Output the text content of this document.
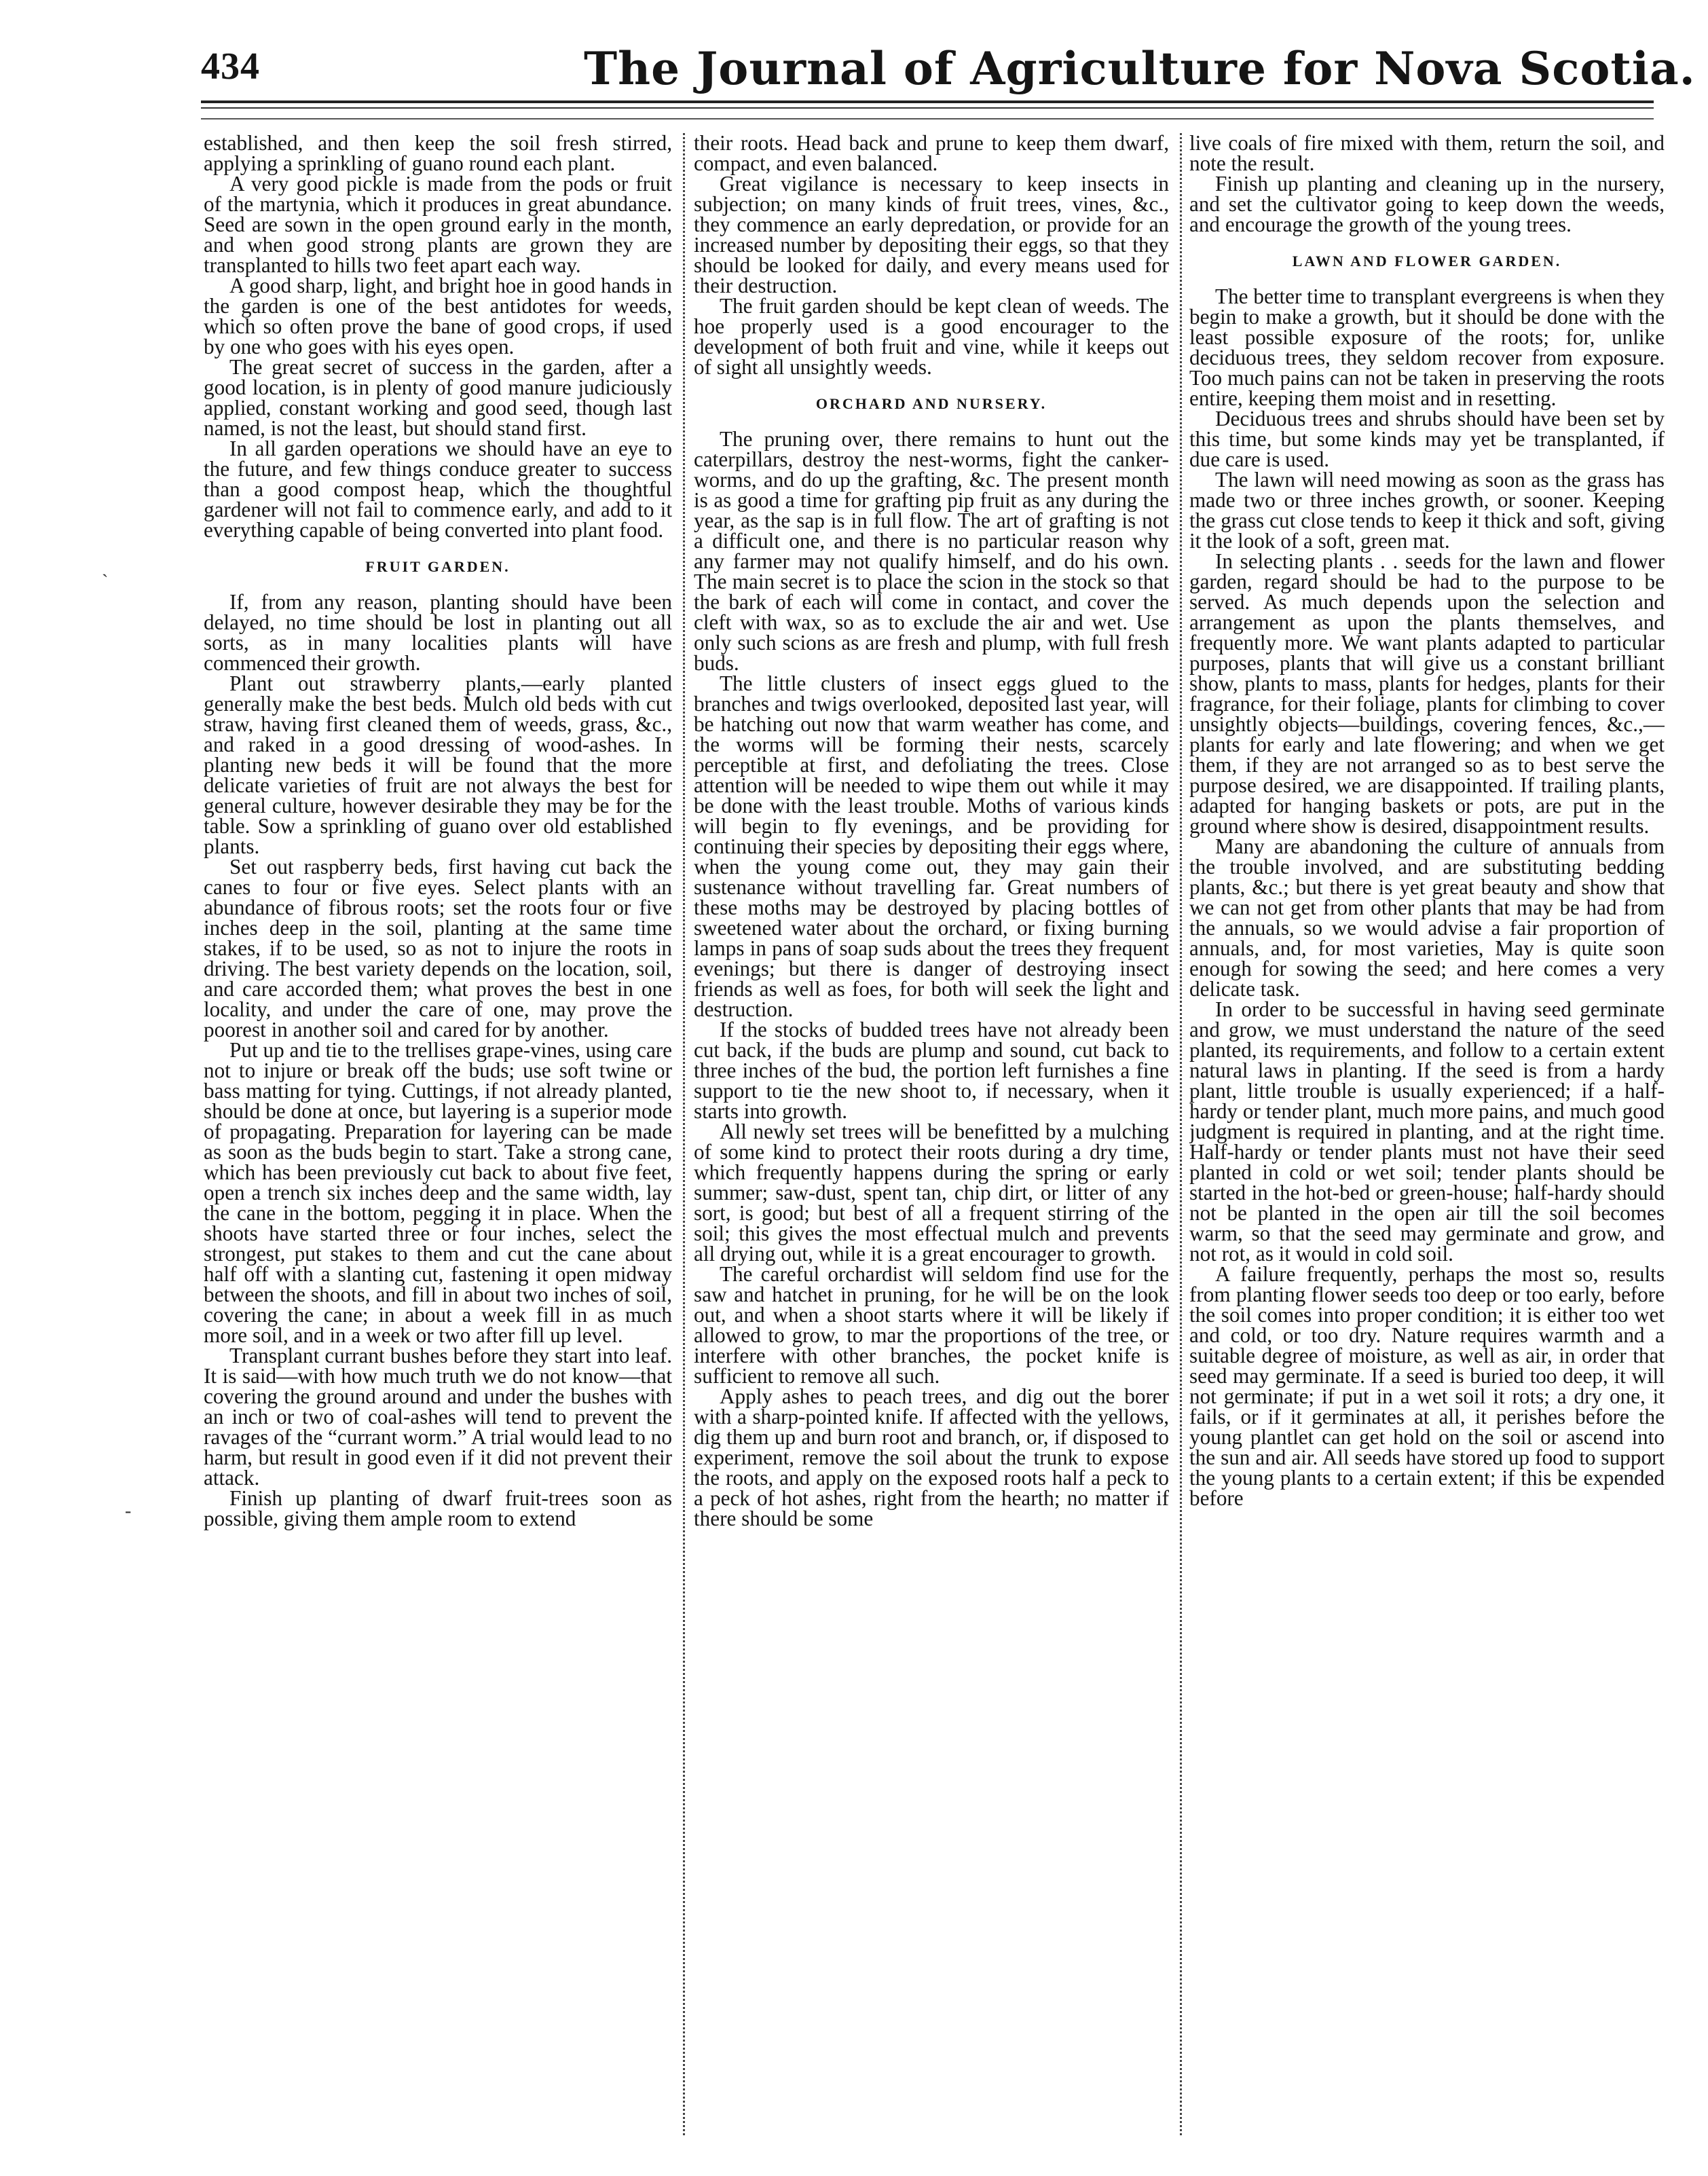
434	The Journal of Agriculture for Nova Scotia.

established, and then keep the soil fresh stirred, applying a sprinkling of guano round each plant.

A very good pickle is made from the pods or fruit of the martynia, which it produces in great abundance. Seed are sown in the open ground early in the month, and when good strong plants are grown they are transplanted to hills two feet apart each way.

A good sharp, light, and bright hoe in good hands in the garden is one of the best antidotes for weeds, which so often prove the bane of good crops, if used by one who goes with his eyes open.

The great secret of success in the garden, after a good location, is in plenty of good manure judiciously applied, constant working and good seed, though last named, is not the least, but should stand first.

In all garden operations we should have an eye to the future, and few things conduce greater to success than a good compost heap, which the thoughtful gardener will not fail to commence early, and add to it everything capable of being converted into plant food.

FRUIT GARDEN.

If, from any reason, planting should have been delayed, no time should be lost in planting out all sorts, as in many localities plants will have commenced their growth.

Plant out strawberry plants,—early planted generally make the best beds. Mulch old beds with cut straw, having first cleaned them of weeds, grass, &c., and raked in a good dressing of wood-ashes. In planting new beds it will be found that the more delicate varieties of fruit are not always the best for general culture, however desirable they may be for the table. Sow a sprinkling of guano over old established plants.

Set out raspberry beds, first having cut back the canes to four or five eyes. Select plants with an abundance of fibrous roots; set the roots four or five inches deep in the soil, planting at the same time stakes, if to be used, so as not to injure the roots in driving. The best variety depends on the location, soil, and care accorded them; what proves the best in one locality, and under the care of one, may prove the poorest in another soil and cared for by another.

Put up and tie to the trellises grape-vines, using care not to injure or break off the buds; use soft twine or bass matting for tying. Cuttings, if not already planted, should be done at once, but layering is a superior mode of propagating. Preparation for layering can be made as soon as the buds begin to start. Take a strong cane, which has been previously cut back to about five feet, open a trench six inches deep and the same width, lay the cane in the bottom, pegging it in place. When the shoots have started three or four inches, select the strongest, put stakes to them and cut the cane about half off with a slanting cut, fastening it open midway between the shoots, and fill in about two inches of soil, covering the cane; in about a week fill in as much more soil, and in a week or two after fill up level.

Transplant currant bushes before they start into leaf. It is said—with how much truth we do not know—that covering the ground around and under the bushes with an inch or two of coal-ashes will tend to prevent the ravages of the “currant worm.” A trial would lead to no harm, but result in good even if it did not prevent their attack.

Finish up planting of dwarf fruit-trees soon as possible, giving them ample room to extend

their roots. Head back and prune to keep them dwarf, compact, and even balanced.

Great vigilance is necessary to keep insects in subjection; on many kinds of fruit trees, vines, &c., they commence an early depredation, or provide for an increased number by depositing their eggs, so that they should be looked for daily, and every means used for their destruction.

The fruit garden should be kept clean of weeds. The hoe properly used is a good encourager to the development of both fruit and vine, while it keeps out of sight all unsightly weeds.

ORCHARD AND NURSERY.

The pruning over, there remains to hunt out the caterpillars, destroy the nest-worms, fight the canker-worms, and do up the grafting, &c. The present month is as good a time for grafting pip fruit as any during the year, as the sap is in full flow. The art of grafting is not a difficult one, and there is no particular reason why any farmer may not qualify himself, and do his own. The main secret is to place the scion in the stock so that the bark of each will come in contact, and cover the cleft with wax, so as to exclude the air and wet. Use only such scions as are fresh and plump, with full fresh buds.

The little clusters of insect eggs glued to the branches and twigs overlooked, deposited last year, will be hatching out now that warm weather has come, and the worms will be forming their nests, scarcely perceptible at first, and defoliating the trees. Close attention will be needed to wipe them out while it may be done with the least trouble. Moths of various kinds will begin to fly evenings, and be providing for continuing their species by depositing their eggs where, when the young come out, they may gain their sustenance without travelling far. Great numbers of these moths may be destroyed by placing bottles of sweetened water about the orchard, or fixing burning lamps in pans of soap suds about the trees they frequent evenings; but there is danger of destroying insect friends as well as foes, for both will seek the light and destruction.

If the stocks of budded trees have not already been cut back, if the buds are plump and sound, cut back to three inches of the bud, the portion left furnishes a fine support to tie the new shoot to, if necessary, when it starts into growth.

All newly set trees will be benefitted by a mulching of some kind to protect their roots during a dry time, which frequently happens during the spring or early summer; saw-dust, spent tan, chip dirt, or litter of any sort, is good; but best of all a frequent stirring of the soil; this gives the most effectual mulch and prevents all drying out, while it is a great encourager to growth.

The careful orchardist will seldom find use for the saw and hatchet in pruning, for he will be on the look out, and when a shoot starts where it will be likely if allowed to grow, to mar the proportions of the tree, or interfere with other branches, the pocket knife is sufficient to remove all such.

Apply ashes to peach trees, and dig out the borer with a sharp-pointed knife. If affected with the yellows, dig them up and burn root and branch, or, if disposed to experiment, remove the soil about the trunk to expose the roots, and apply on the exposed roots half a peck to a peck of hot ashes, right from the hearth; no matter if there should be some

live coals of fire mixed with them, return the soil, and note the result.

Finish up planting and cleaning up in the nursery, and set the cultivator going to keep down the weeds, and encourage the growth of the young trees.

LAWN AND FLOWER GARDEN.

The better time to transplant evergreens is when they begin to make a growth, but it should be done with the least possible exposure of the roots; for, unlike deciduous trees, they seldom recover from exposure. Too much pains can not be taken in preserving the roots entire, keeping them moist and in resetting.

Deciduous trees and shrubs should have been set by this time, but some kinds may yet be transplanted, if due care is used.

The lawn will need mowing as soon as the grass has made two or three inches growth, or sooner. Keeping the grass cut close tends to keep it thick and soft, giving it the look of a soft, green mat.

In selecting plants . . seeds for the lawn and flower garden, regard should be had to the purpose to be served. As much depends upon the selection and arrangement as upon the plants themselves, and frequently more. We want plants adapted to particular purposes, plants that will give us a constant brilliant show, plants to mass, plants for hedges, plants for their fragrance, for their foliage, plants for climbing to cover unsightly objects—buildings, covering fences, &c.,—plants for early and late flowering; and when we get them, if they are not arranged so as to best serve the purpose desired, we are disappointed. If trailing plants, adapted for hanging baskets or pots, are put in the ground where show is desired, disappointment results.

Many are abandoning the culture of annuals from the trouble involved, and are substituting bedding plants, &c.; but there is yet great beauty and show that we can not get from other plants that may be had from the annuals, so we would advise a fair proportion of annuals, and, for most varieties, May is quite soon enough for sowing the seed; and here comes a very delicate task.

In order to be successful in having seed germinate and grow, we must understand the nature of the seed planted, its requirements, and follow to a certain extent natural laws in planting. If the seed is from a hardy plant, little trouble is usually experienced; if a half-hardy or tender plant, much more pains, and much good judgment is required in planting, and at the right time. Half-hardy or tender plants must not have their seed planted in cold or wet soil; tender plants should be started in the hot-bed or green-house; half-hardy should not be planted in the open air till the soil becomes warm, so that the seed may germinate and grow, and not rot, as it would in cold soil.

A failure frequently, perhaps the most so, results from planting flower seeds too deep or too early, before the soil comes into proper condition; it is either too wet and cold, or too dry. Nature requires warmth and a suitable degree of moisture, as well as air, in order that seed may germinate. If a seed is buried too deep, it will not germinate; if put in a wet soil it rots; a dry one, it fails, or if it germinates at all, it perishes before the young plantlet can get hold on the soil or ascend into the sun and air. All seeds have stored up food to support the young plants to a certain extent; if this be expended before

ˎ
-
